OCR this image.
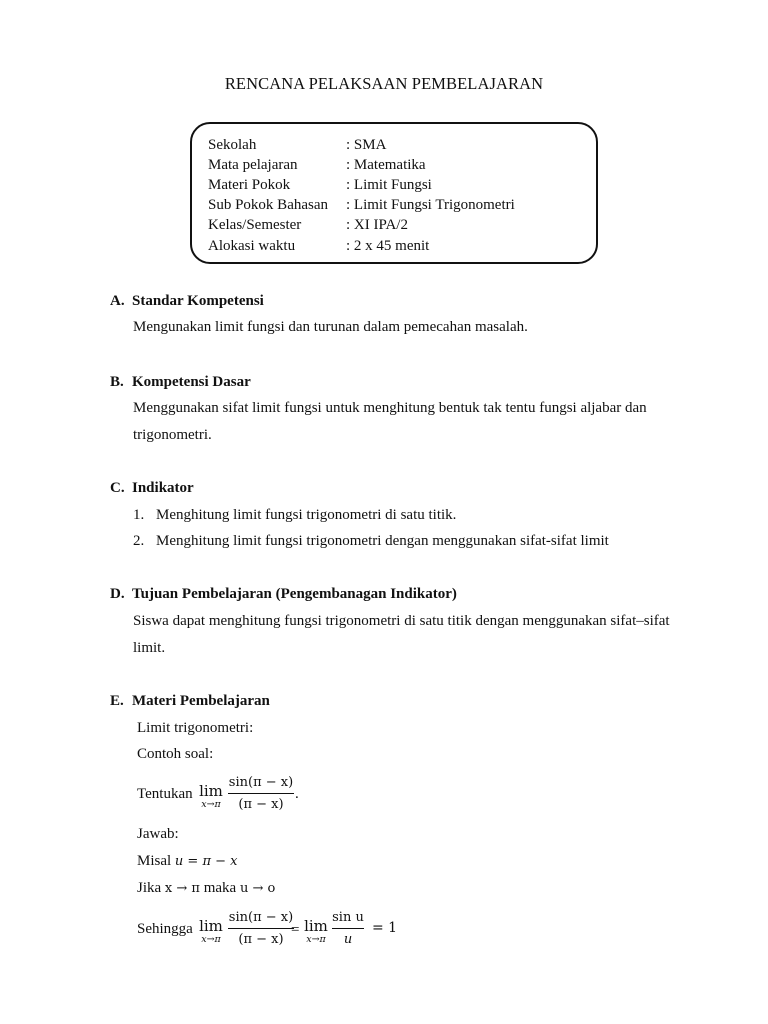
RENCANA PELAKSAAN PEMBELAJARAN
Sekolah	: SMA
Mata pelajaran	: Matematika
Materi Pokok	: Limit Fungsi
Sub Pokok Bahasan : Limit Fungsi Trigonometri
Kelas/Semester	: XI IPA/2
Alokasi waktu	: 2 x 45 menit
A. Standar Kompetensi
Mengunakan limit fungsi dan turunan dalam pemecahan masalah.
B. Kompetensi Dasar
Menggunakan sifat limit fungsi untuk menghitung bentuk tak tentu fungsi aljabar dan
trigonometri.
C. Indikator
1. Menghitung limit fungsi trigonometri di satu titik.
2. Menghitung limit fungsi trigonometri dengan menggunakan sifat-sifat limit
D. Tujuan Pembelajaran (Pengembanagan Indikator)
Siswa dapat menghitung fungsi trigonometri di satu titik dengan menggunakan sifat–sifat
limit.
E. Materi Pembelajaran
Limit trigonometri:
Contoh soal:
Tentukan lim
x→π
sin(π − x)
(π − x)
.
Jawab:
Misal u = π − x
Jika x → π maka u → o
Sehingga lim
x→π
sin(π − x)
(π − x)
= lim
x→π
sin u
u
= 1
